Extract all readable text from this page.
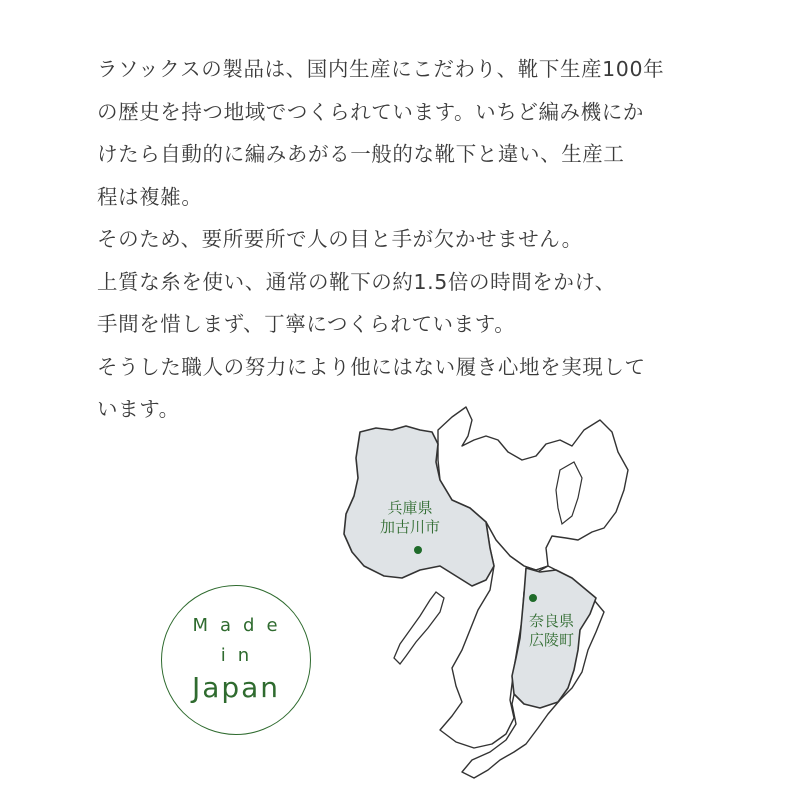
ラソックスの製品は、国内生産にこだわり、靴下生産100年

の歴史を持つ地域でつくられています。いちど編み機にか

けたら自動的に編みあがる一般的な靴下と違い、生産工

程は複雑。

そのため、要所要所で人の目と手が欠かせません。

上質な糸を使い、通常の靴下の約1.5倍の時間をかけ、

手間を惜しまず、丁寧につくられています。

そうした職人の努力により他にはない履き心地を実現して

います。

兵庫県
加古川市
奈良県
広陵町
Made
in
Japan
